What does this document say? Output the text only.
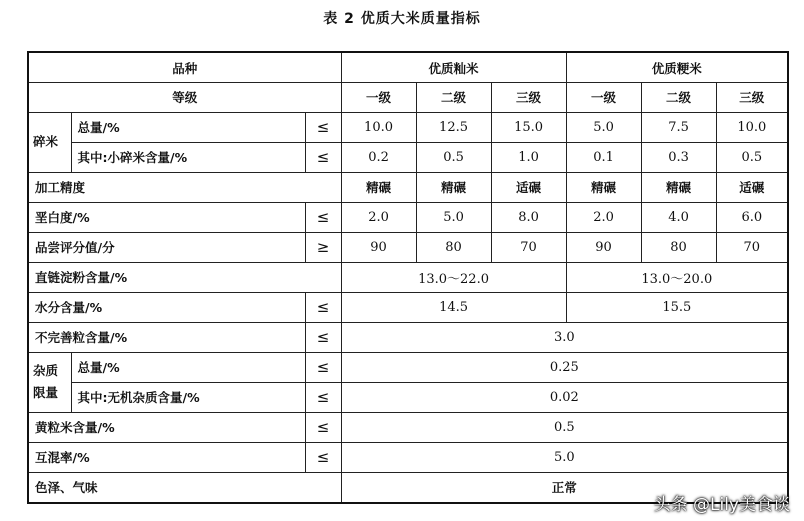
表 2 优质大米质量指标
品种			优质籼米			优质粳米		
等级			一级	二级	三级	一级	二级	三级
碎米	总量/%	≤	10.0	12.5	15.0	5.0	7.5	10.0
	其中:小碎米含量/%	≤	0.2	0.5	1.0	0.1	0.3	0.5
加工精度			精碾	精碾	适碾	精碾	精碾	适碾
垩白度/%		≤	2.0	5.0	8.0	2.0	4.0	6.0
品尝评分值/分		≥	90	80	70	90	80	70
直链淀粉含量/%			13.0～22.0			13.0～20.0		
水分含量/%		≤	14.5			15.5		
不完善粒含量/%		≤	3.0					
杂质限量	总量/%	≤	0.25					
	其中:无机杂质含量/%	≤	0.02					
黄粒米含量/%		≤	0.5					
互混率/%		≤	5.0					
色泽、气味			正常					
头条 @Lily美食谈
